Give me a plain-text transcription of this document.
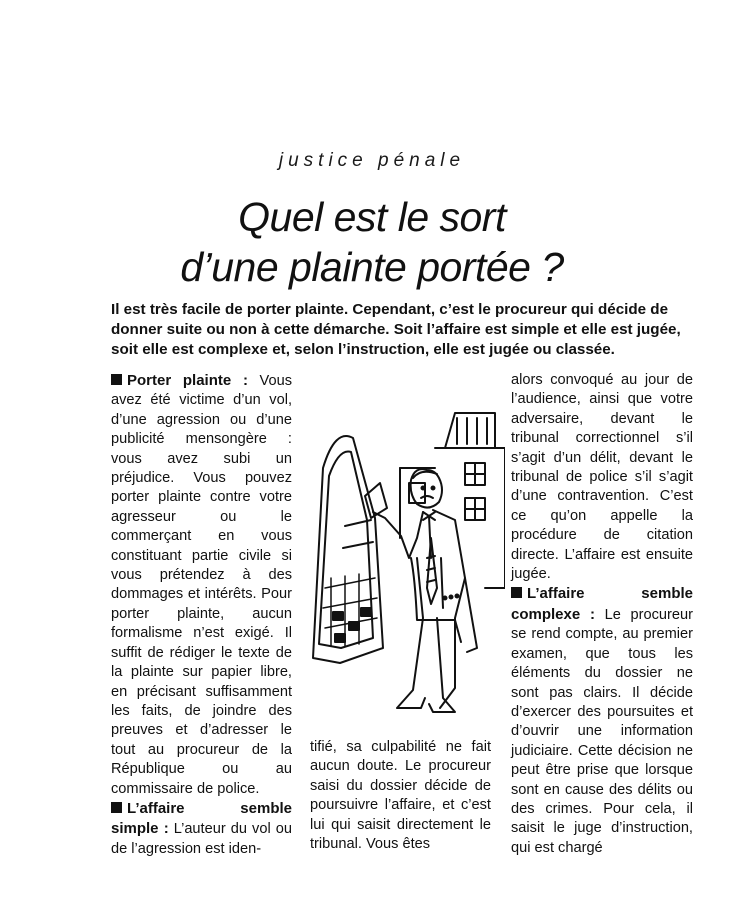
justice pénale
Quel est le sort
d’une plainte portée ?
Il est très facile de porter plainte. Cependant, c’est le procureur qui décide de donner suite ou non à cette démarche. Soit l’affaire est simple et elle est jugée, soit elle est complexe et, selon l’instruction, elle est jugée ou classée.

Porter plainte : Vous avez été victime d’un vol, d’une agression ou d’une publicité mensongère : vous avez subi un préjudice. Vous pouvez porter plainte contre votre agresseur ou le commerçant en vous constituant partie civile si vous prétendez à des dommages et intérêts. Pour porter plainte, aucun formalisme n’est exigé. Il suffit de rédiger le texte de la plainte sur papier libre, en précisant suffisamment les faits, de joindre des preuves et d’adresser le tout au procureur de la République ou au commissaire de police.

L’affaire semble simple : L’auteur du vol ou de l’agression est iden-

tifié, sa culpabilité ne fait aucun doute. Le procureur saisi du dossier décide de poursuivre l’affaire, et c’est lui qui saisit directement le tribunal. Vous êtes

alors convoqué au jour de l’audience, ainsi que votre adversaire, devant le tribunal correctionnel s’il s’agit d’un délit, devant le tribunal de police s’il s’agit d’une contravention. C’est ce qu’on appelle la procédure de citation directe. L’affaire est ensuite jugée.

L’affaire semble complexe : Le procureur se rend compte, au premier examen, que tous les éléments du dossier ne sont pas clairs. Il décide d’exercer des poursuites et d’ouvrir une information judiciaire. Cette décision ne peut être prise que lorsque sont en cause des délits ou des crimes. Pour cela, il saisit le juge d’instruction, qui est chargé
